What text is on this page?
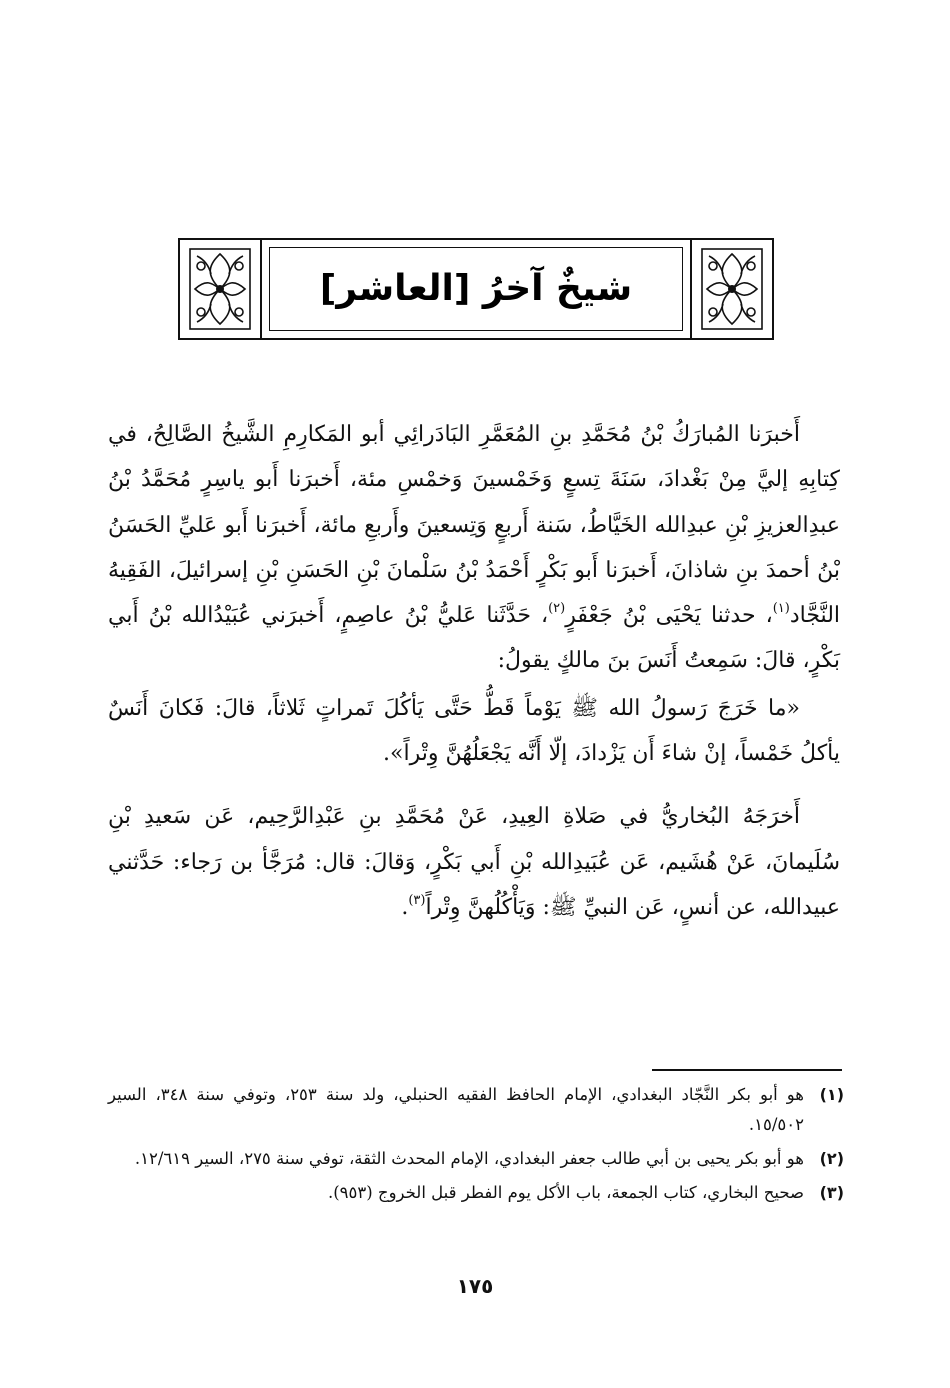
شيخٌ آخرُ [العاشر]

أَخبرَنا المُبارَكُ بْنُ مُحَمَّدِ بنِ المُعَمَّرِ البَادَرائِي أبو المَكارِمِ الشَّيخُ الصَّالِحُ، في كِتابِهِ إليَّ مِنْ بَغْدادَ، سَنَةَ تِسعٍ وَخَمْسينَ وَخمْسِ مئة، أَخبرَنا أَبو ياسِرٍ مُحَمَّدُ بْنُ عبدِالعزيزِ بْنِ عبدِالله الخَيَّاطُ، سَنة أَربعٍ وَتِسعينَ وأَربعِ مائة، أَخبرَنا أَبو عَليِّ الحَسَنُ بْنُ أحمدَ بنِ شاذانَ، أَخبرَنا أَبو بَكْرٍ أَحْمَدُ بْنُ سَلْمانَ بْنِ الحَسَنِ بْنِ إسرائيلَ، الفَقِيهُ النَّجَّاد$^{(١)}$، حدثنا يَحْيَى بْنُ جَعْفَرٍ$^{(٢)}$، حَدَّثَنا عَليُّ بْنُ عاصِمٍ، أَخبرَني عُبَيْدُالله بْنُ أَبي بَكْرٍ، قالَ: سَمِعتُ أَنَسَ بنَ مالكٍ يقولُ:

«ما خَرَجَ رَسولُ الله ﷺ يَوْماً قَطُّ حَتَّى يَأكُلَ تَمراتٍ ثَلاثاً، قالَ: فَكانَ أَنَسٌ يأكلُ خَمْساً، إنْ شاءَ أَن يَزْدادَ، إلّا أَنَّه يَجْعَلُهُنَّ وِتْراً».

أَخرَجَهُ البُخاريُّ في صَلاةِ العِيدِ، عَنْ مُحَمَّدِ بنِ عَبْدِالرَّحِيم، عَن سَعيدِ بْنِ سُلَيمانَ، عَنْ هُشَيم، عَن عُبَيدِالله بْنِ أَبي بَكْرٍ، وَقالَ: قال: مُرَجَّأ بن رَجاء: حَدَّثني عبيدالله، عن أنسٍ، عَن النبيِّ ﷺ: وَيَأْكُلُهنَّ وِتْراً$^{(٣)}$.

(١)
هو أبو بكر النَّجّاد البغدادي، الإمام الحافظ الفقيه الحنبلي، ولد سنة ٢٥٣، وتوفي سنة ٣٤٨، السير ١٥/٥٠٢.
(٢)
هو أبو بكر يحيى بن أبي طالب جعفر البغدادي، الإمام المحدث الثقة، توفي سنة ٢٧٥، السير ١٢/٦١٩.
(٣)
صحيح البخاري، كتاب الجمعة، باب الأكل يوم الفطر قبل الخروج (٩٥٣).
١٧٥
